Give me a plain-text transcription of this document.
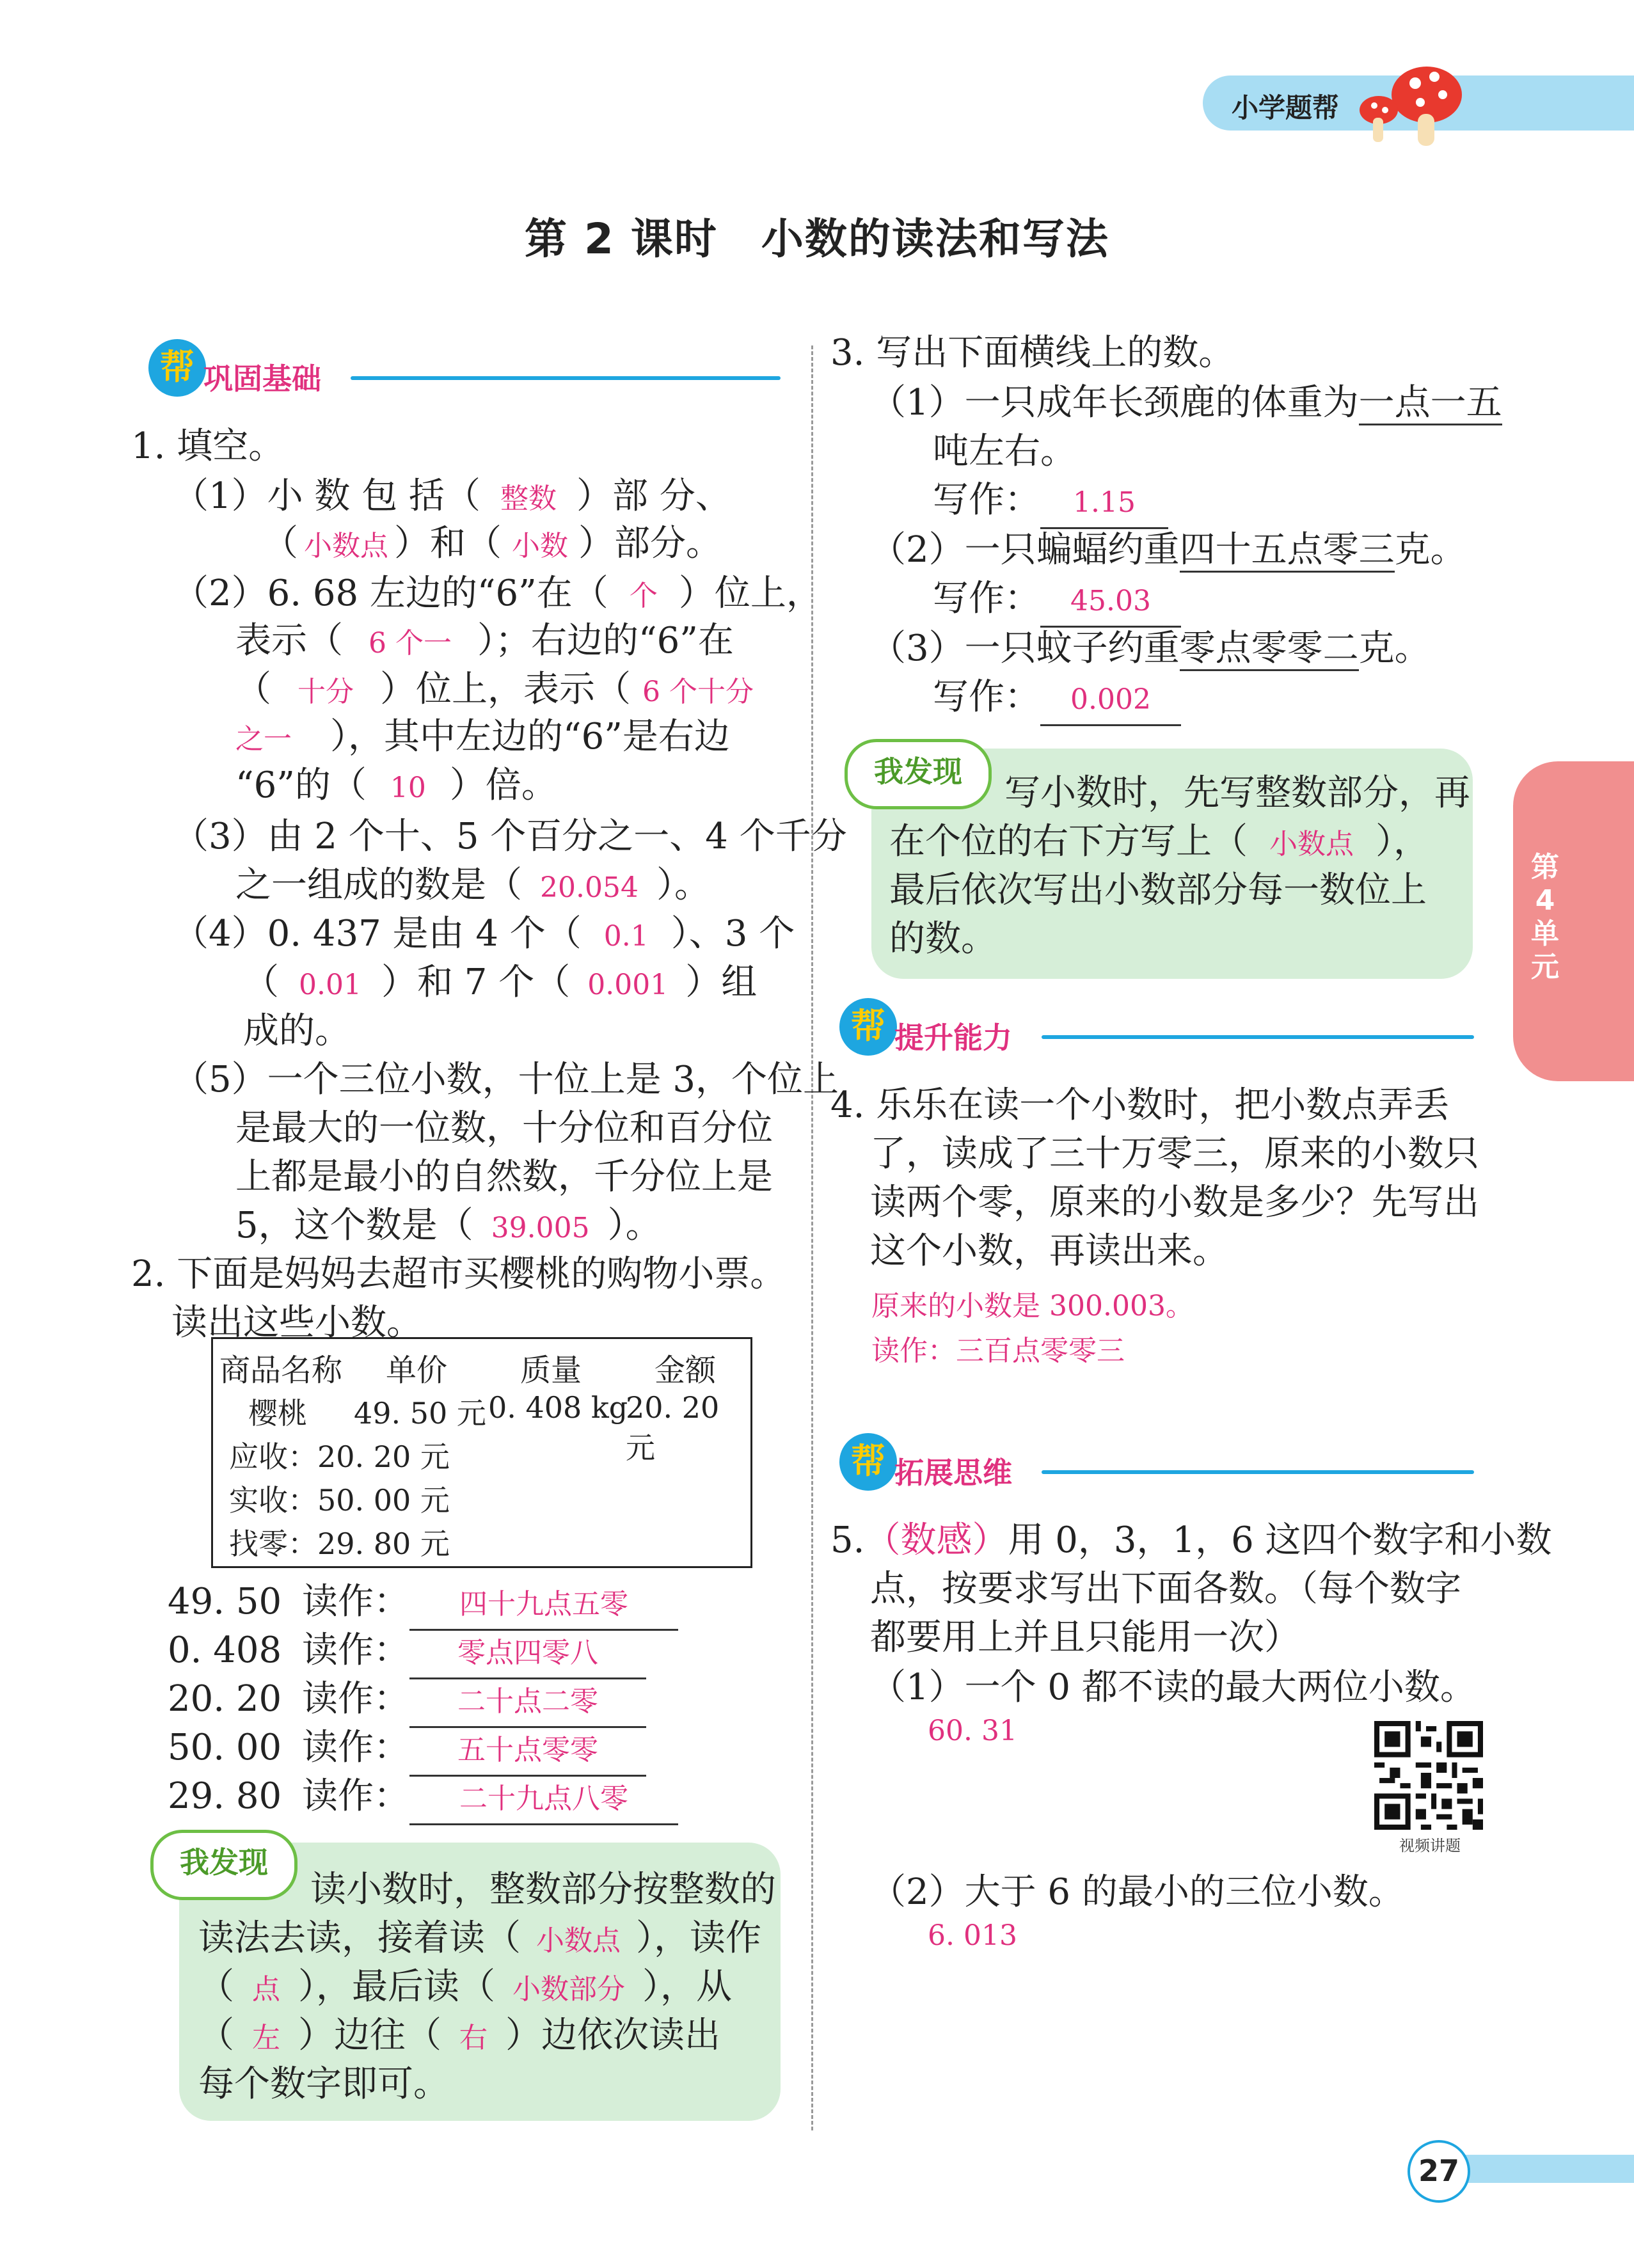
小学题帮
第 2 课时　小数的读法和写法
帮 巩固基础
1. 填空。
（1）小 数 包 括（ 整数 ）部 分、
（ 小数点 ）和（ 小数 ）部分。
（2）6. 68 左边的“6”在（ 个 ）位上，
表示（ 6 个一 ）；右边的“6”在
（ 十分 ）位上，表示（ 6 个十分
之一 ），其中左边的“6”是右边
“6”的（ 10 ）倍。
（3）由 2 个十、5 个百分之一、4 个千分
之一组成的数是（ 20.054 ）。
（4）0. 437 是由 4 个（ 0.1 ）、3 个
（ 0.01 ）和 7 个（ 0.001 ）组
成的。
（5）一个三位小数，十位上是 3，个位上
是最大的一位数，十分位和百分位
上都是最小的自然数，千分位上是
5，这个数是（ 39.005 ）。
2. 下面是妈妈去超市买樱桃的购物小票。
读出这些小数。
商品名称 单价 质量 金额
樱桃 49. 50 元 0. 408 kg
20. 20 元
应收：20. 20 元
实收：50. 00 元
找零：29. 80 元
49. 50 读作： 四十九点五零
0. 408 读作： 零点四零八
20. 20 读作： 二十点二零
50. 00 读作： 五十点零零
29. 80 读作： 二十九点八零
我发现
读小数时，整数部分按整数的
读法去读，接着读（ 小数点 ），读作
（ 点 ），最后读（ 小数部分 ），从
（ 左 ）边往（ 右 ）边依次读出
每个数字即可。
3. 写出下面横线上的数。
（1）一只成年长颈鹿的体重为一点一五
吨左右。
写作： 1.15
（2）一只蝙蝠约重四十五点零三克。
写作： 45.03
（3）一只蚊子约重零点零零二克。
写作： 0.002
我发现
写小数时，先写整数部分，再
在个位的右下方写上（ 小数点 ），
最后依次写出小数部分每一数位上
的数。
帮 提升能力
4. 乐乐在读一个小数时，把小数点弄丢
了，读成了三十万零三，原来的小数只
读两个零，原来的小数是多少？先写出
这个小数，再读出来。
原来的小数是 300.003。
读作：三百点零零三
帮 拓展思维
5.（数感）用 0，3，1，6 这四个数字和小数
点，按要求写出下面各数。（每个数字
都要用上并且只能用一次）
（1）一个 0 都不读的最大两位小数。
60. 31
视频讲题
（2）大于 6 的最小的三位小数。
6. 013
第4单元
27
